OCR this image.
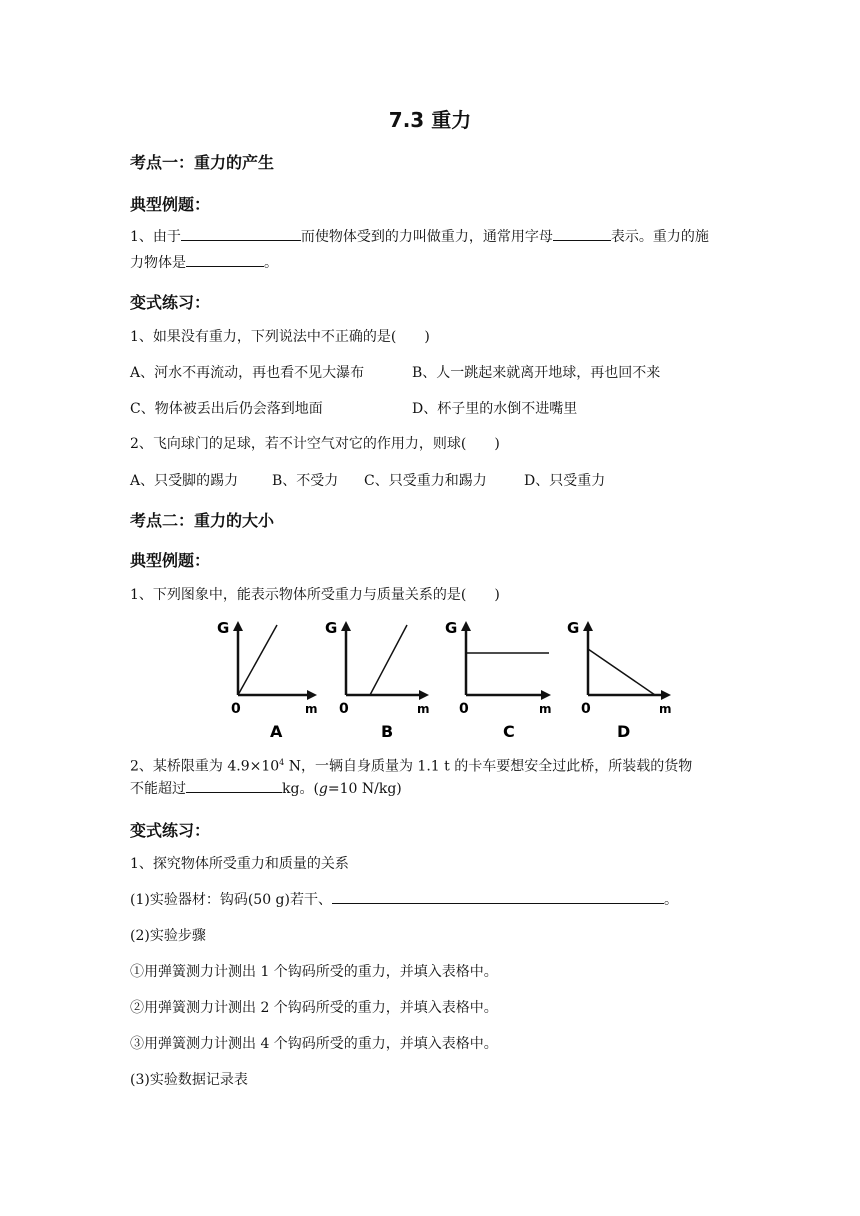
7.3 重力
考点一：重力的产生
典型例题：
1、由于	而使物体受到的力叫做重力，通常用字母	表示。重力的施
力物体是	。
变式练习：
1、如果没有重力，下列说法中不正确的是(　　)
A、河水不再流动，再也看不见大瀑布	B、人一跳起来就离开地球，再也回不来
C、物体被丢出后仍会落到地面	D、杯子里的水倒不进嘴里
2、飞向球门的足球，若不计空气对它的作用力，则球(　　)
A、只受脚的踢力 B、不受力 C、只受重力和踢力	D、只受重力
考点二：重力的大小
典型例题：
1、下列图象中，能表示物体所受重力与质量关系的是(　　)
G
0	m
A
G
0	m
B
G
0	m
C
G
0	m
D
2、某桥限重为 $4.9\times 10^4$ N，一辆自身质量为 1.1 t 的卡车要想安全过此桥，所装载的货物
不能超过	kg。(g=10 N/kg)
变式练习：
1、探究物体所受重力和质量的关系
(1)实验器材：钩码(50 g)若干、	。
(2)实验步骤
①用弹簧测力计测出 1 个钩码所受的重力，并填入表格中。
②用弹簧测力计测出 2 个钩码所受的重力，并填入表格中。
③用弹簧测力计测出 4 个钩码所受的重力，并填入表格中。
(3)实验数据记录表
